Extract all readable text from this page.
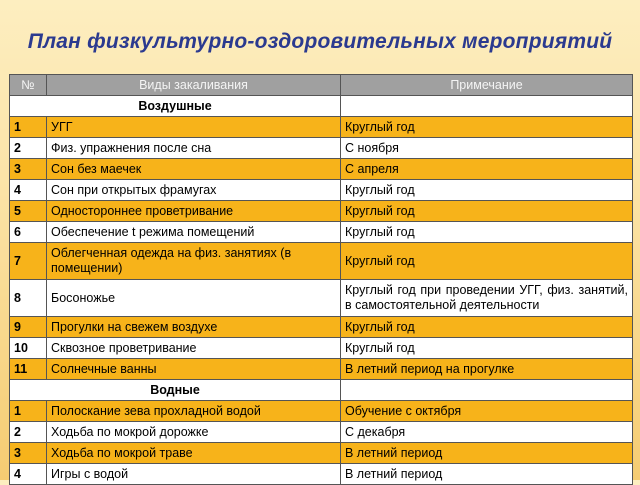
План физкультурно-оздоровительных мероприятий
№	Виды закаливания	Примечание
Воздушные		
1	УГГ	Круглый год
2	Физ. упражнения после сна	С ноября
3	Сон без маечек	С апреля
4	Сон при открытых фрамугах	Круглый год
5	Одностороннее проветривание	Круглый год
6	Обеспечение t режима помещений	Круглый год
7	Облегченная одежда на физ. занятиях (в помещении)	Круглый год
8	Босоножье	Круглый год при проведении УГГ, физ. занятий, в самостоятельной деятельности
9	Прогулки на свежем воздухе	Круглый год
10	Сквозное проветривание	Круглый год
11	Солнечные ванны	В летний период на прогулке
Водные		
1	Полоскание зева прохладной водой	Обучение с октября
2	Ходьба по мокрой дорожке	С декабря
3	Ходьба по мокрой траве	В летний период
4	Игры с водой	В летний период
